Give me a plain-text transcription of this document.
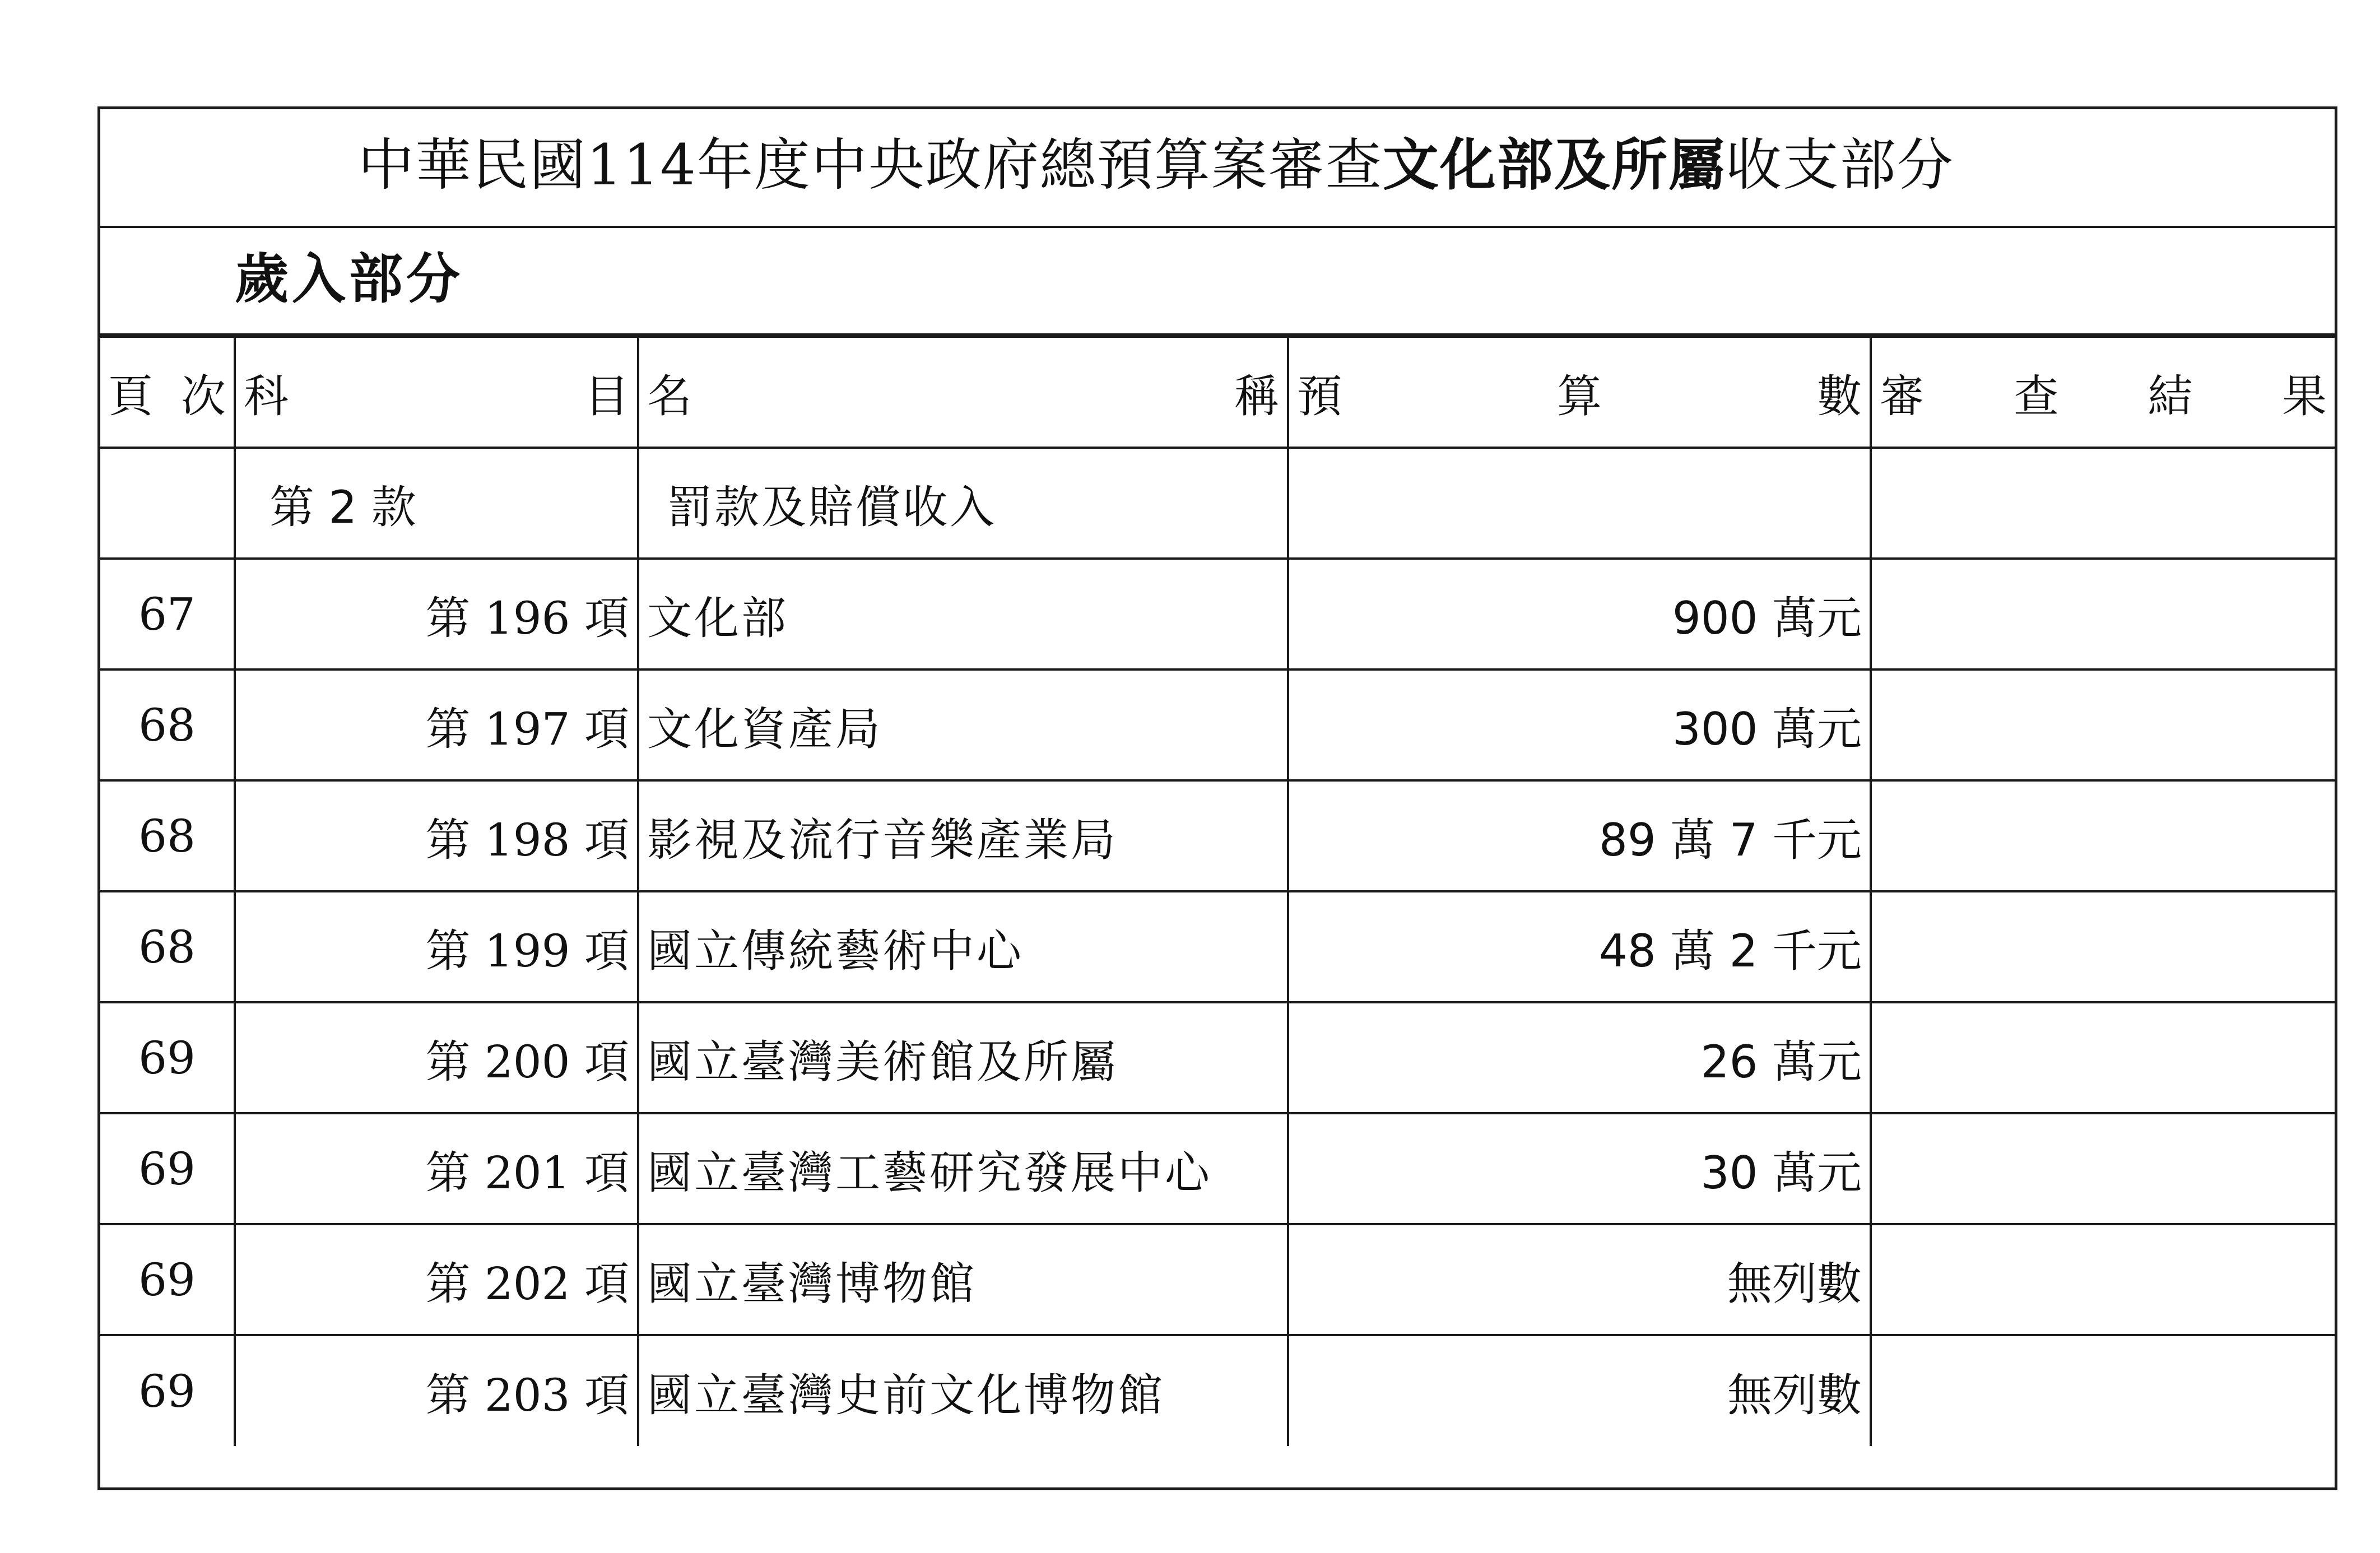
中華民國114年度中央政府總預算案審查文化部及所屬收支部分
歲入部分
頁 次	科 目	名 稱	預 算 數	審 查 結 果

	第 2 款	罰款及賠償收入		
67	第 196 項	文化部	900 萬元	
68	第 197 項	文化資產局	300 萬元	
68	第 198 項	影視及流行音樂產業局	89 萬 7 千元	
68	第 199 項	國立傳統藝術中心	48 萬 2 千元	
69	第 200 項	國立臺灣美術館及所屬	26 萬元	
69	第 201 項	國立臺灣工藝研究發展中心	30 萬元	
69	第 202 項	國立臺灣博物館	無列數	
69	第 203 項	國立臺灣史前文化博物館	無列數	
